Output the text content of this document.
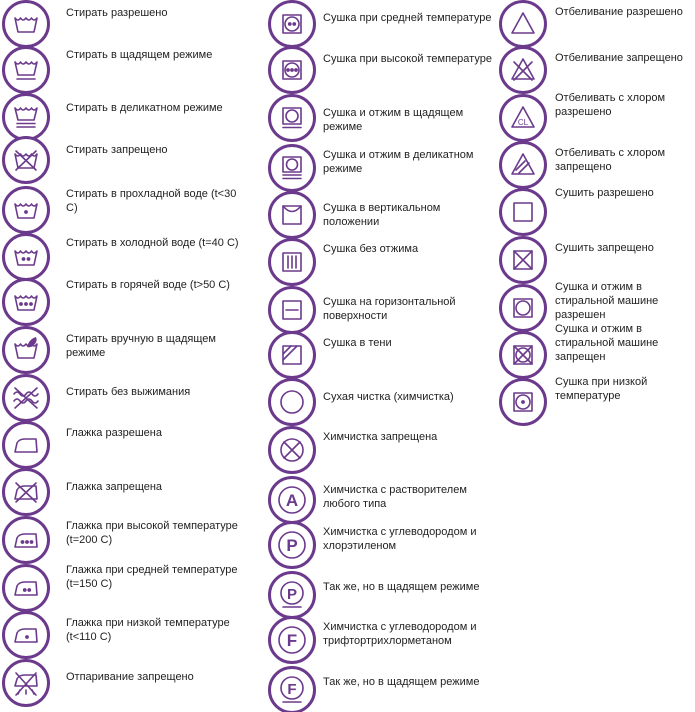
Стирать разрешено
Стирать в щадящем режиме
Стирать в деликатном режиме
Стирать запрещено
Стирать в прохладной воде (t<30 C)
Стирать в холодной воде (t=40 C)
Стирать в горячей воде (t>50 C)
Стирать вручную в щадящем режиме
Стирать без выжимания
Глажка разрешена
Глажка запрещена
Глажка при высокой температуре (t=200 C)
Глажка при средней температуре (t=150 C)
Глажка при низкой температуре (t<110 C)
Отпаривание запрещено
Сушка при средней температуре
Сушка при высокой температуре
Сушка и отжим в щадящем режиме
Сушка и отжим в деликатном режиме
Сушка в вертикальном положении
Сушка без отжима
Сушка на горизонтальной поверхности
Сушка в тени
Сухая чистка (химчистка)
Химчистка запрещена
A
Химчистка с растворителем любого типа
P
Химчистка с углеводородом и хлорэтиленом
P Так же, но в щадящем режиме
F
Химчистка с углеводородом и трифтортрихлорметаном
F Так же, но в щадящем режиме
Отбеливание разрешено
Отбеливание запрещено
CL
Отбеливать с хлором разрешено
Отбеливать с хлором запрещено
Сушить разрешено
Сушить запрещено
Сушка и отжим в стиральной машине разрешен
Сушка и отжим в стиральной машине запрещен
Сушка при низкой температуре
